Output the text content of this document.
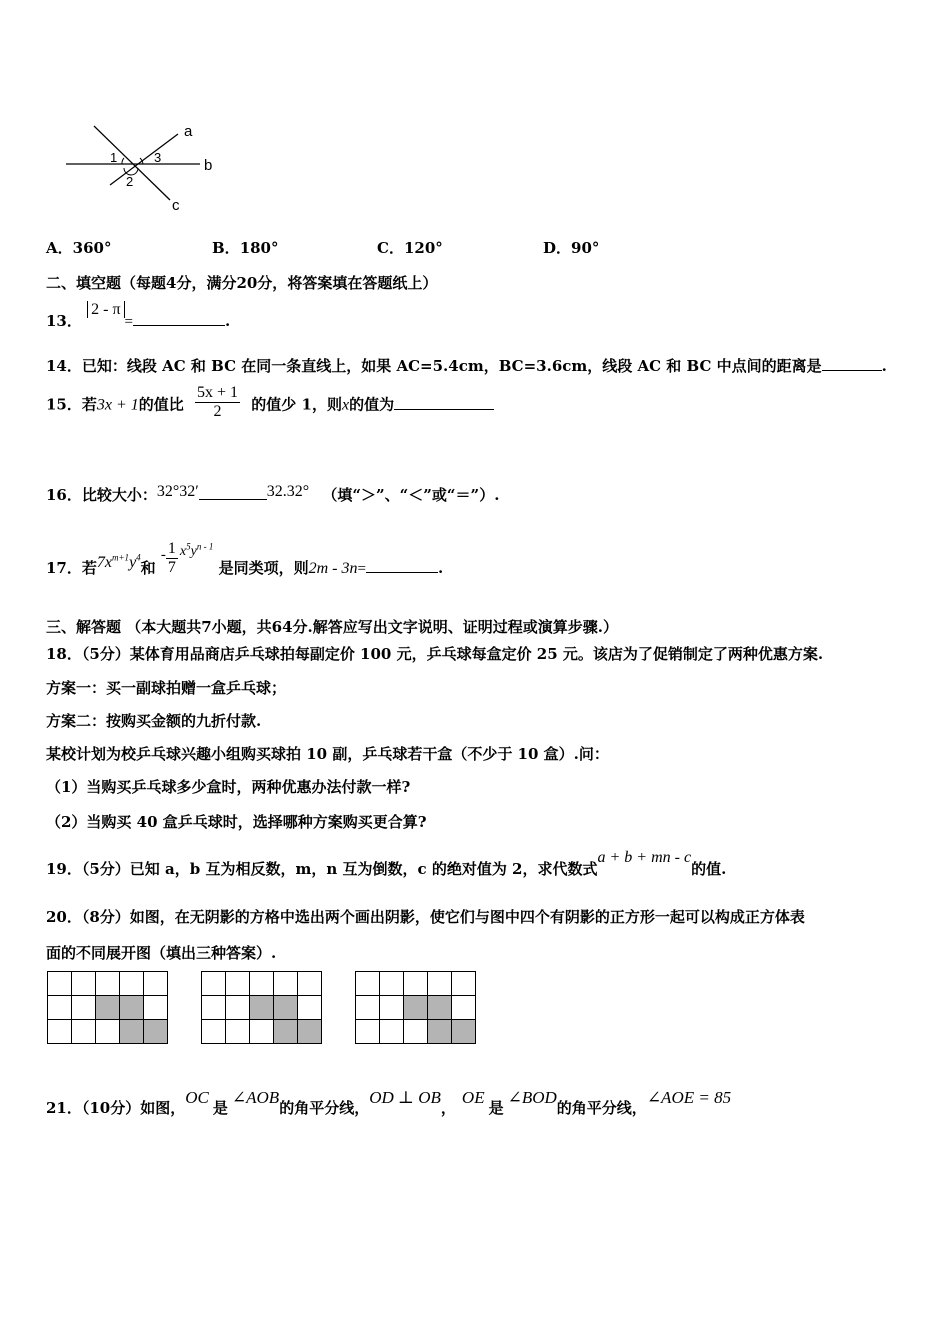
a
b
c
1
2
3
A．360°	B．180°	C．120°	D．90°
二、填空题（每题4分，满分20分，将答案填在答题纸上）
13． 2 - π=	.
14．已知：线段 AC 和 BC 在同一条直线上，如果 AC=5.4cm，BC=3.6cm，线段 AC 和 BC 中点间的距离是	.
15．若3x + 1的值比 $\frac{5x + 1}{2}$ 的值少 1，则x的值为
16．比较大小：32°32′	32.32° （填“＞”、“＜”或“＝”）.
17．若$7x^{m+1}y^4$和 - $\frac{1}{7} x^5y^{n - 1}$ 是同类项，则2m - 3n=	.
三、解答题 （本大题共7小题，共64分.解答应写出文字说明、证明过程或演算步骤.）
18．（5分）某体育用品商店乒乓球拍每副定价 100 元，乒乓球每盒定价 25 元。该店为了促销制定了两种优惠方案.
方案一：买一副球拍赠一盒乒乓球；
方案二：按购买金额的九折付款.
某校计划为校乒乓球兴趣小组购买球拍 10 副，乒乓球若干盒（不少于 10 盒）.问：
（1）当购买乒乓球多少盒时，两种优惠办法付款一样?
（2）当购买 40 盒乒乓球时，选择哪种方案购买更合算?
19．（5分）已知 a，b 互为相反数，m，n 互为倒数，c 的绝对值为 2，求代数式a + b + mn - c的值.
20．（8分）如图，在无阴影的方格中选出两个画出阴影，使它们与图中四个有阴影的正方形一起可以构成正方体表
面的不同展开图（填出三种答案）.

21．（10分）如图，OC是∠AOB的角平分线，OD ⊥ OB，OE是∠BOD的角平分线，∠AOE = 85
